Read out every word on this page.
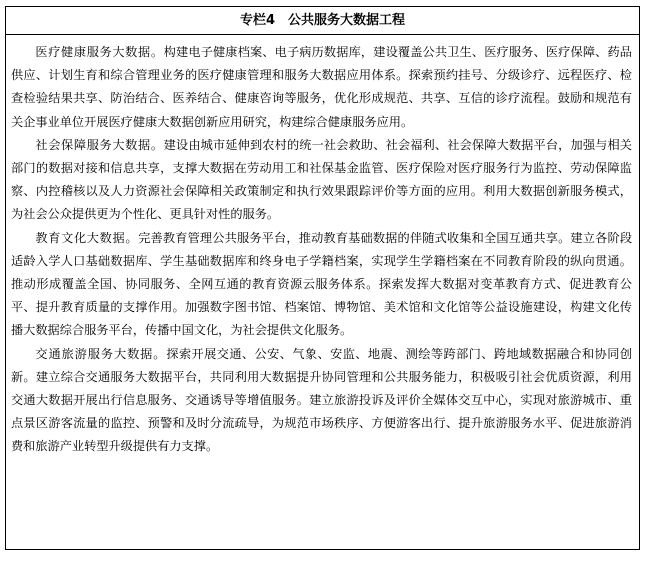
专栏4　公共服务大数据工程

医疗健康服务大数据。构建电子健康档案、电子病历数据库，建设覆盖公共卫生、医疗服务、医疗保障、药品供应、计划生育和综合管理业务的医疗健康管理和服务大数据应用体系。探索预约挂号、分级诊疗、远程医疗、检查检验结果共享、防治结合、医养结合、健康咨询等服务，优化形成规范、共享、互信的诊疗流程。鼓励和规范有关企事业单位开展医疗健康大数据创新应用研究，构建综合健康服务应用。

社会保障服务大数据。建设由城市延伸到农村的统一社会救助、社会福利、社会保障大数据平台，加强与相关部门的数据对接和信息共享，支撑大数据在劳动用工和社保基金监管、医疗保险对医疗服务行为监控、劳动保障监察、内控稽核以及人力资源社会保障相关政策制定和执行效果跟踪评价等方面的应用。利用大数据创新服务模式，为社会公众提供更为个性化、更具针对性的服务。

教育文化大数据。完善教育管理公共服务平台，推动教育基础数据的伴随式收集和全国互通共享。建立各阶段适龄入学人口基础数据库、学生基础数据库和终身电子学籍档案，实现学生学籍档案在不同教育阶段的纵向贯通。推动形成覆盖全国、协同服务、全网互通的教育资源云服务体系。探索发挥大数据对变革教育方式、促进教育公平、提升教育质量的支撑作用。加强数字图书馆、档案馆、博物馆、美术馆和文化馆等公益设施建设，构建文化传播大数据综合服务平台，传播中国文化，为社会提供文化服务。

交通旅游服务大数据。探索开展交通、公安、气象、安监、地震、测绘等跨部门、跨地域数据融合和协同创新。建立综合交通服务大数据平台，共同利用大数据提升协同管理和公共服务能力，积极吸引社会优质资源，利用交通大数据开展出行信息服务、交通诱导等增值服务。建立旅游投诉及评价全媒体交互中心，实现对旅游城市、重点景区游客流量的监控、预警和及时分流疏导，为规范市场秩序、方便游客出行、提升旅游服务水平、促进旅游消费和旅游产业转型升级提供有力支撑。
